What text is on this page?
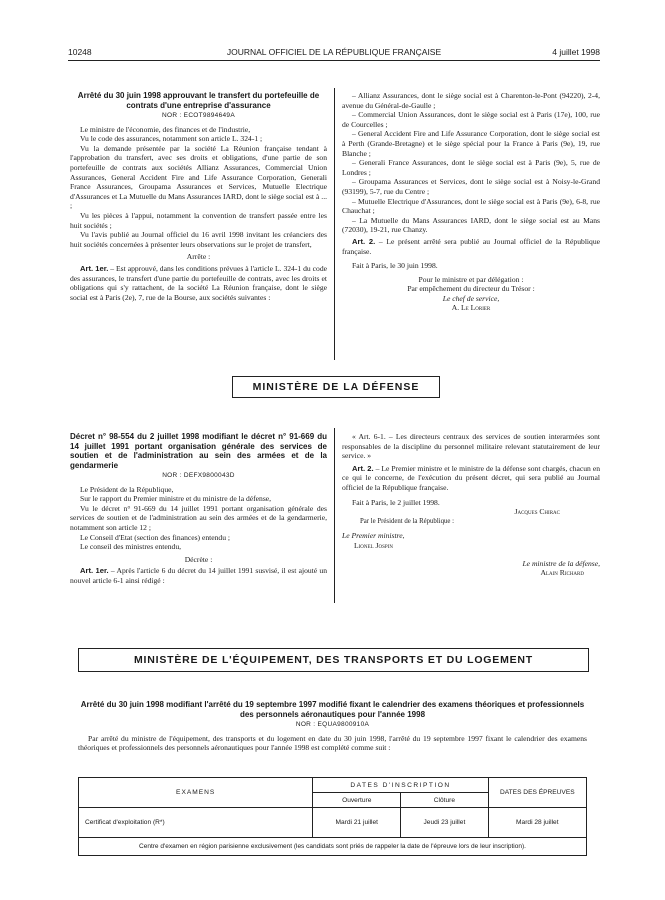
10248	JOURNAL OFFICIEL DE LA RÉPUBLIQUE FRANÇAISE	4 juillet 1998
Arrêté du 30 juin 1998 approuvant le transfert du portefeuille de contrats d'une entreprise d'assurance
NOR : ECOT9894649A

Le ministre de l'économie, des finances et de l'industrie,

Vu le code des assurances, notamment son article L. 324-1 ;

Vu la demande présentée par la société La Réunion française tendant à l'approbation du transfert, avec ses droits et obligations, d'une partie de son portefeuille de contrats aux sociétés Allianz Assurances, Commercial Union Assurances, General Accident Fire and Life Assurance Corporation, Generali France Assurances, Groupama Assurances et Services, Mutuelle Electrique d'Assurances et La Mutuelle du Mans Assurances IARD, dont le siège social est à ... ;

Vu les pièces à l'appui, notamment la convention de transfert passée entre les huit sociétés ;

Vu l'avis publié au Journal officiel du 16 avril 1998 invitant les créanciers des huit sociétés concernées à présenter leurs observations sur le projet de transfert,

Arrête :

Art. 1er. – Est approuvé, dans les conditions prévues à l'article L. 324-1 du code des assurances, le transfert d'une partie du portefeuille de contrats, avec les droits et obligations qui s'y rattachent, de la société La Réunion française, dont le siège social est à Paris (2e), 7, rue de la Bourse, aux sociétés suivantes :

– Allianz Assurances, dont le siège social est à Charenton-le-Pont (94220), 2-4, avenue du Général-de-Gaulle ;

– Commercial Union Assurances, dont le siège social est à Paris (17e), 100, rue de Courcelles ;

– General Accident Fire and Life Assurance Corporation, dont le siège social est à Perth (Grande-Bretagne) et le siège spécial pour la France à Paris (9e), 19, rue Blanche ;

– Generali France Assurances, dont le siège social est à Paris (9e), 5, rue de Londres ;

– Groupama Assurances et Services, dont le siège social est à Noisy-le-Grand (93199), 5-7, rue du Centre ;

– Mutuelle Electrique d'Assurances, dont le siège social est à Paris (9e), 6-8, rue Chauchat ;

– La Mutuelle du Mans Assurances IARD, dont le siège social est au Mans (72030), 19-21, rue Chanzy.

Art. 2. – Le présent arrêté sera publié au Journal officiel de la République française.

Fait à Paris, le 30 juin 1998.

Pour le ministre et par délégation :

Par empêchement du directeur du Trésor :

Le chef de service,

A. Le Lorier

MINISTÈRE DE LA DÉFENSE
Décret n° 98-554 du 2 juillet 1998 modifiant le décret n° 91-669 du 14 juillet 1991 portant organisation générale des services de soutien et de l'administration au sein des armées et de la gendarmerie
NOR : DEFX9800043D

Le Président de la République,

Sur le rapport du Premier ministre et du ministre de la défense,

Vu le décret n° 91-669 du 14 juillet 1991 portant organisation générale des services de soutien et de l'administration au sein des armées et de la gendarmerie, notamment son article 12 ;

Le Conseil d'Etat (section des finances) entendu ;

Le conseil des ministres entendu,

Décrète :

Art. 1er. – Après l'article 6 du décret du 14 juillet 1991 susvisé, il est ajouté un nouvel article 6-1 ainsi rédigé :

« Art. 6-1. – Les directeurs centraux des services de soutien interarmées sont responsables de la discipline du personnel militaire relevant statutairement de leur service. »

Art. 2. – Le Premier ministre et le ministre de la défense sont chargés, chacun en ce qui le concerne, de l'exécution du présent décret, qui sera publié au Journal officiel de la République française.

Fait à Paris, le 2 juillet 1998.

Jacques Chirac

Par le Président de la République :

Le Premier ministre,

Lionel Jospin

Le ministre de la défense,

Alain Richard

MINISTÈRE DE L'ÉQUIPEMENT, DES TRANSPORTS ET DU LOGEMENT
Arrêté du 30 juin 1998 modifiant l'arrêté du 19 septembre 1997 modifié fixant le calendrier des examens théoriques et professionnels des personnels aéronautiques pour l'année 1998
NOR : EQUA9800910A

Par arrêté du ministre de l'équipement, des transports et du logement en date du 30 juin 1998, l'arrêté du 19 septembre 1997 fixant le calendrier des examens théoriques et professionnels des personnels aéronautiques pour l'année 1998 est complété comme suit :

EXAMENS	DATES D'INSCRIPTION		DATES DES ÉPREUVES
	Ouverture	Clôture	
Certificat d'exploitation (R*)	Mardi 21 juillet	Jeudi 23 juillet	Mardi 28 juillet
Centre d'examen en région parisienne exclusivement (les candidats sont priés de rappeler la date de l'épreuve lors de leur inscription).			
